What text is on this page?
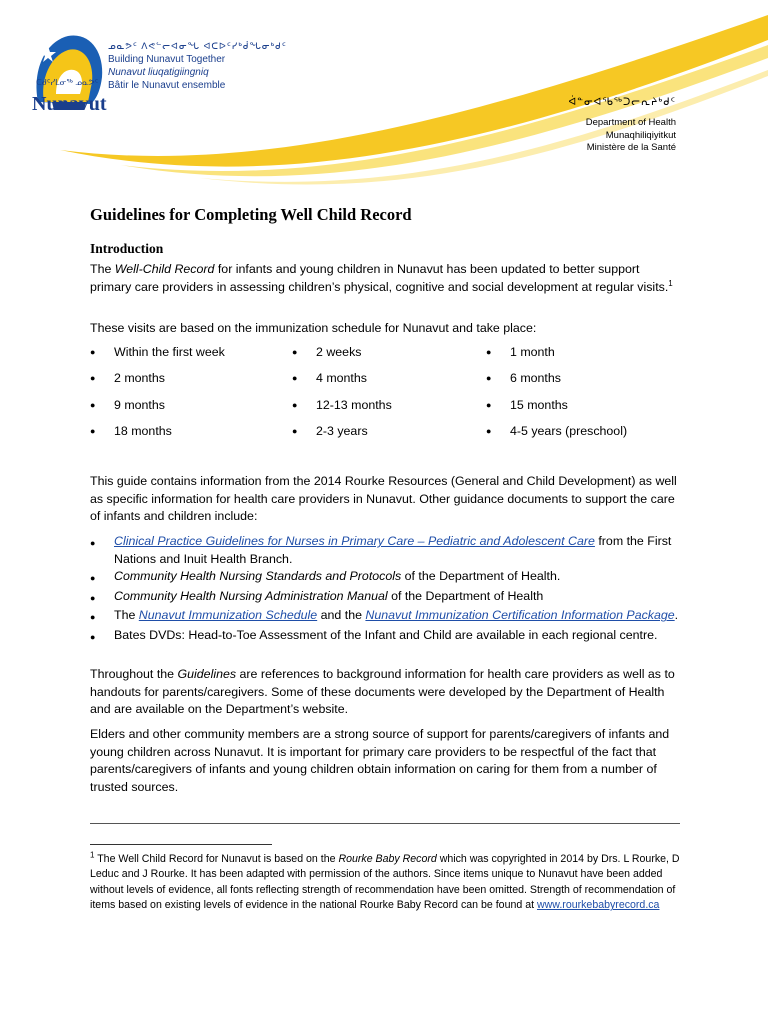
Nunavut
ᑕᑯᑦᓯᒪᓂᖅ ᓄᓇᕗᑦ
ᓄᓇᕗᑦ ᐱᕙᓪᓕᐊᓂᖓ ᐊᑕᐅᑦᓯᒃᑰᖓᓂᒃᑯᑦ
Building Nunavut Together
Nunavut liuqatigiingniq
Bâtir le Nunavut ensemble
ᐋᓐᓂᐊᖃᖅᑐᓕᕆᔨᒃᑯᑦ
Department of Health
Munaqhiliqiyitkut
Ministère de la Santé
Guidelines for Completing Well Child Record
Introduction

The Well-Child Record for infants and young children in Nunavut has been updated to better support primary care providers in assessing children’s physical, cognitive and social development at regular visits.$^1$

These visits are based on the immunization schedule for Nunavut and take place:

●	Within the first week	●	2 weeks	●	1 month
●	2 months	●	4 months	●	6 months
●	9 months	●	12-13 months	●	15 months
●	18 months	●	2-3 years	●	4-5 years (preschool)

This guide contains information from the 2014 Rourke Resources (General and Child Development) as well as specific information for health care providers in Nunavut. Other guidance documents to support the care of infants and children include:

●	Clinical Practice Guidelines for Nurses in Primary Care – Pediatric and Adolescent Care from the First Nations and Inuit Health Branch.
●	Community Health Nursing Standards and Protocols of the Department of Health.
●	Community Health Nursing Administration Manual of the Department of Health
●	The Nunavut Immunization Schedule and the Nunavut Immunization Certification Information Package.
●	Bates DVDs: Head-to-Toe Assessment of the Infant and Child are available in each regional centre.

Throughout the Guidelines are references to background information for health care providers as well as to handouts for parents/caregivers. Some of these documents were developed by the Department of Health and are available on the Department’s website.

Elders and other community members are a strong source of support for parents/caregivers of infants and young children across Nunavut. It is important for primary care providers to be respectful of the fact that parents/caregivers of infants and young children obtain information on caring for them from a number of trusted sources.

$^1$ The Well Child Record for Nunavut is based on the Rourke Baby Record which was copyrighted in 2014 by Drs. L Rourke, D Leduc and J Rourke. It has been adapted with permission of the authors. Since items unique to Nunavut have been added without levels of evidence, all fonts reflecting strength of recommendation have been omitted. Strength of recommendation of items based on existing levels of evidence in the national Rourke Baby Record can be found at www.rourkebabyrecord.ca
